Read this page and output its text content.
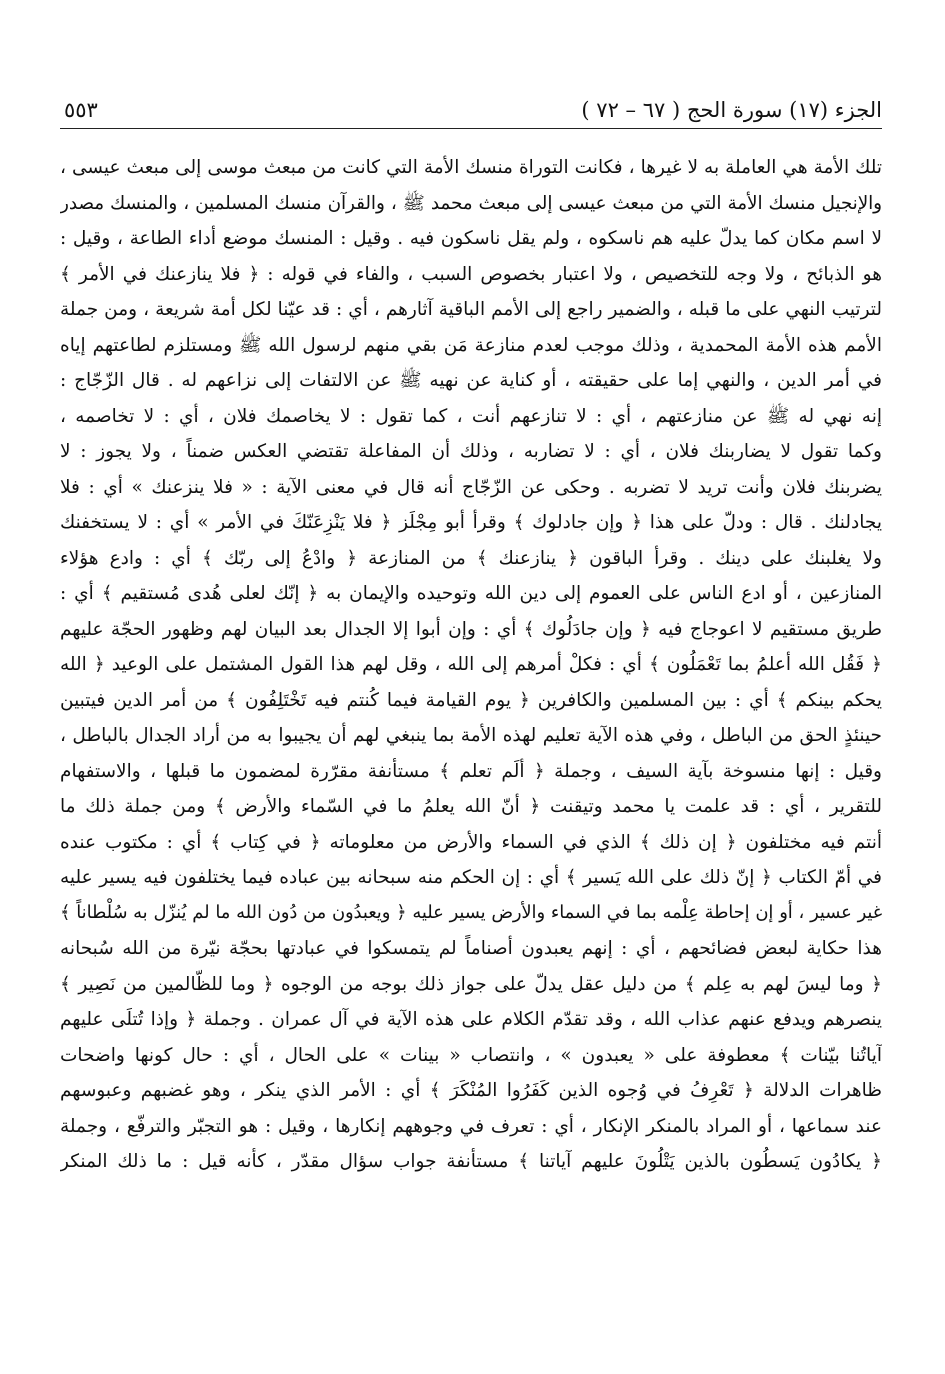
الجزء (١٧) سورة الحج ( ٦٧ – ٧٢ )
٥٥٣
تلك الأمة هي العاملة به لا غيرها ، فكانت التوراة منسك الأمة التي كانت من مبعث موسى إلى مبعث عيسى ،
والإنجيل منسك الأمة التي من مبعث عيسى إلى مبعث محمد ﷺ ، والقرآن منسك المسلمين ، والمنسك مصدر
لا اسم مكان كما يدلّ عليه هم ناسكوه ، ولم يقل ناسكون فيه . وقيل : المنسك موضع أداء الطاعة ، وقيل :
هو الذبائح ، ولا وجه للتخصيص ، ولا اعتبار بخصوص السبب ، والفاء في قوله : ﴿ فلا ينازعنك في الأمر ﴾
لترتيب النهي على ما قبله ، والضمير راجع إلى الأمم الباقية آثارهم ، أي : قد عيّنا لكل أمة شريعة ، ومن جملة
الأمم هذه الأمة المحمدية ، وذلك موجب لعدم منازعة مَن بقي منهم لرسول الله ﷺ ومستلزم لطاعتهم إياه
في أمر الدين ، والنهي إما على حقيقته ، أو كناية عن نهيه ﷺ عن الالتفات إلى نزاعهم له . قال الزّجّاج :
إنه نهي له ﷺ عن منازعتهم ، أي : لا تنازعهم أنت ، كما تقول : لا يخاصمك فلان ، أي : لا تخاصمه ،
وكما تقول لا يضاربنك فلان ، أي : لا تضاربه ، وذلك أن المفاعلة تقتضي العكس ضمناً ، ولا يجوز : لا
يضربنك فلان وأنت تريد لا تضربه . وحكى عن الزّجّاج أنه قال في معنى الآية : « فلا ينزعنك » أي : فلا
يجادلنك . قال : ودلّ على هذا ﴿ وإن جادلوك ﴾ وقرأ أبو مِجْلَز ﴿ فلا يَنْزِعَنّكَ في الأمر » أي : لا يستخفنك
ولا يغلبنك على دينك . وقرأ الباقون ﴿ ينازعنك ﴾ من المنازعة ﴿ وادْعُ إلى ربّك ﴾ أي : وادع هؤلاء
المنازعين ، أو ادع الناس على العموم إلى دين الله وتوحيده والإيمان به ﴿ إنّك لعلى هُدى مُستقيم ﴾ أي :
طريق مستقيم لا اعوجاج فيه ﴿ وإن جادَلُوك ﴾ أي : وإن أبوا إلا الجدال بعد البيان لهم وظهور الحجّة عليهم
﴿ فَقُل الله أعلمُ بما تَعْمَلُون ﴾ أي : فكلْ أمرهم إلى الله ، وقل لهم هذا القول المشتمل على الوعيد ﴿ الله
يحكم بينكم ﴾ أي : بين المسلمين والكافرين ﴿ يوم القيامة فيما كُنتم فيه تَخْتَلِفُون ﴾ من أمر الدين فيتبين
حينئذٍ الحق من الباطل ، وفي هذه الآية تعليم لهذه الأمة بما ينبغي لهم أن يجيبوا به من أراد الجدال بالباطل ،
وقيل : إنها منسوخة بآية السيف ، وجملة ﴿ ألَم تعلم ﴾ مستأنفة مقرّرة لمضمون ما قبلها ، والاستفهام
للتقرير ، أي : قد علمت يا محمد وتيقنت ﴿ أنّ الله يعلمُ ما في السّماء والأرض ﴾ ومن جملة ذلك ما
أنتم فيه مختلفون ﴿ إن ذلك ﴾ الذي في السماء والأرض من معلوماته ﴿ في كِتاب ﴾ أي : مكتوب عنده
في أمّ الكتاب ﴿ إنّ ذلك على الله يَسير ﴾ أي : إن الحكم منه سبحانه بين عباده فيما يختلفون فيه يسير عليه
غير عسير ، أو إن إحاطة عِلْمه بما في السماء والأرض يسير عليه ﴿ ويعبدُون من دُون الله ما لم يُنزّل به سُلْطاناً ﴾
هذا حكاية لبعض فضائحهم ، أي : إنهم يعبدون أصناماً لم يتمسكوا في عبادتها بحجّة نيّرة من الله سُبحانه
﴿ وما ليسَ لهم به عِلم ﴾ من دليل عقل يدلّ على جواز ذلك بوجه من الوجوه ﴿ وما للظّالمين من نَصِير ﴾
ينصرهم ويدفع عنهم عذاب الله ، وقد تقدّم الكلام على هذه الآية في آل عمران . وجملة ﴿ وإذا تُتلَى عليهم
آياتُنا بيّنات ﴾ معطوفة على « يعبدون » ، وانتصاب « بينات » على الحال ، أي : حال كونها واضحات
ظاهرات الدلالة ﴿ تَعْرِفُ في وُجوه الذين كَفَرُوا المُنْكَرَ ﴾ أي : الأمر الذي ينكر ، وهو غضبهم وعبوسهم
عند سماعها ، أو المراد بالمنكر الإنكار ، أي : تعرف في وجوههم إنكارها ، وقيل : هو التجبّر والترفّع ، وجملة
﴿ يكادُون يَسطُون بالذين يَتْلُونَ عليهم آياتنا ﴾ مستأنفة جواب سؤال مقدّر ، كأنه قيل : ما ذلك المنكر
